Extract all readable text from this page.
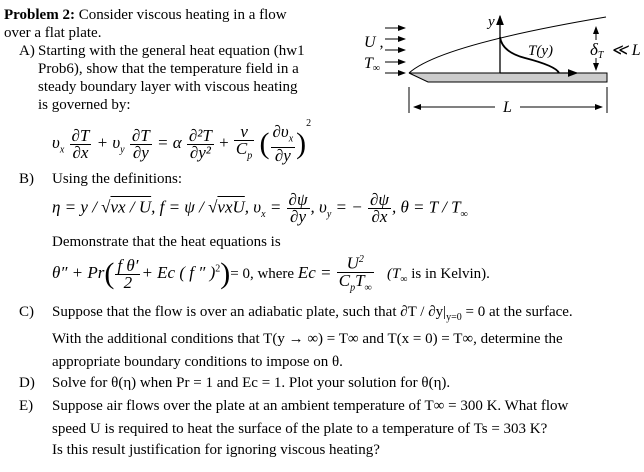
Problem 2: Consider viscous heating in a flow
over a flat plate.
A) Starting with the general heat equation (hw1
Prob6), show that the temperature field in a
steady boundary layer with viscous heating
is governed by:
$\upsilon_x \frac{\partial T}{\partial x} + \upsilon_y \frac{\partial T}{\partial y} = \alpha \frac{\text{∂²T}}{\text{∂y²}} + \frac{\nu}{C_p}$ ( $\frac{\partial\upsilon_x}{\partial y} )^2$
B) Using the definitions:
η = y / √νx / U, f = ψ / √νxU, $\upsilon_x = \frac{\partial\psi}{\partial y}$ , $\upsilon_y$ = − $\frac{\partial\psi}{\partial x}$ , $\theta = T / T_\infty$
Demonstrate that the heat equations is
$\theta'' + Pr( \frac{\text{f θ′}}{2} + Ec$ ( f ″ )$^2$)= 0, where $Ec = \frac{U^2}{C_pT_\infty} (T_\infty$ is in Kelvin).
C) Suppose that the flow is over an adiabatic plate, such that $\partial T / \partial y|_{y=0} = 0$ at the surface.
With the additional conditions that T(y → ∞) = T∞ and T(x = 0) = T∞, determine the
appropriate boundary conditions to impose on θ.
D) Solve for θ(η) when Pr = 1 and Ec = 1. Plot your solution for θ(η).
E) Suppose air flows over the plate at an ambient temperature of T∞ = 300 K. What flow
speed U is required to heat the surface of the plate to a temperature of Ts = 303 K?
Is this result justification for ignoring viscous heating?
U ,
T∞
y
T(y) δT ≪ L
L
